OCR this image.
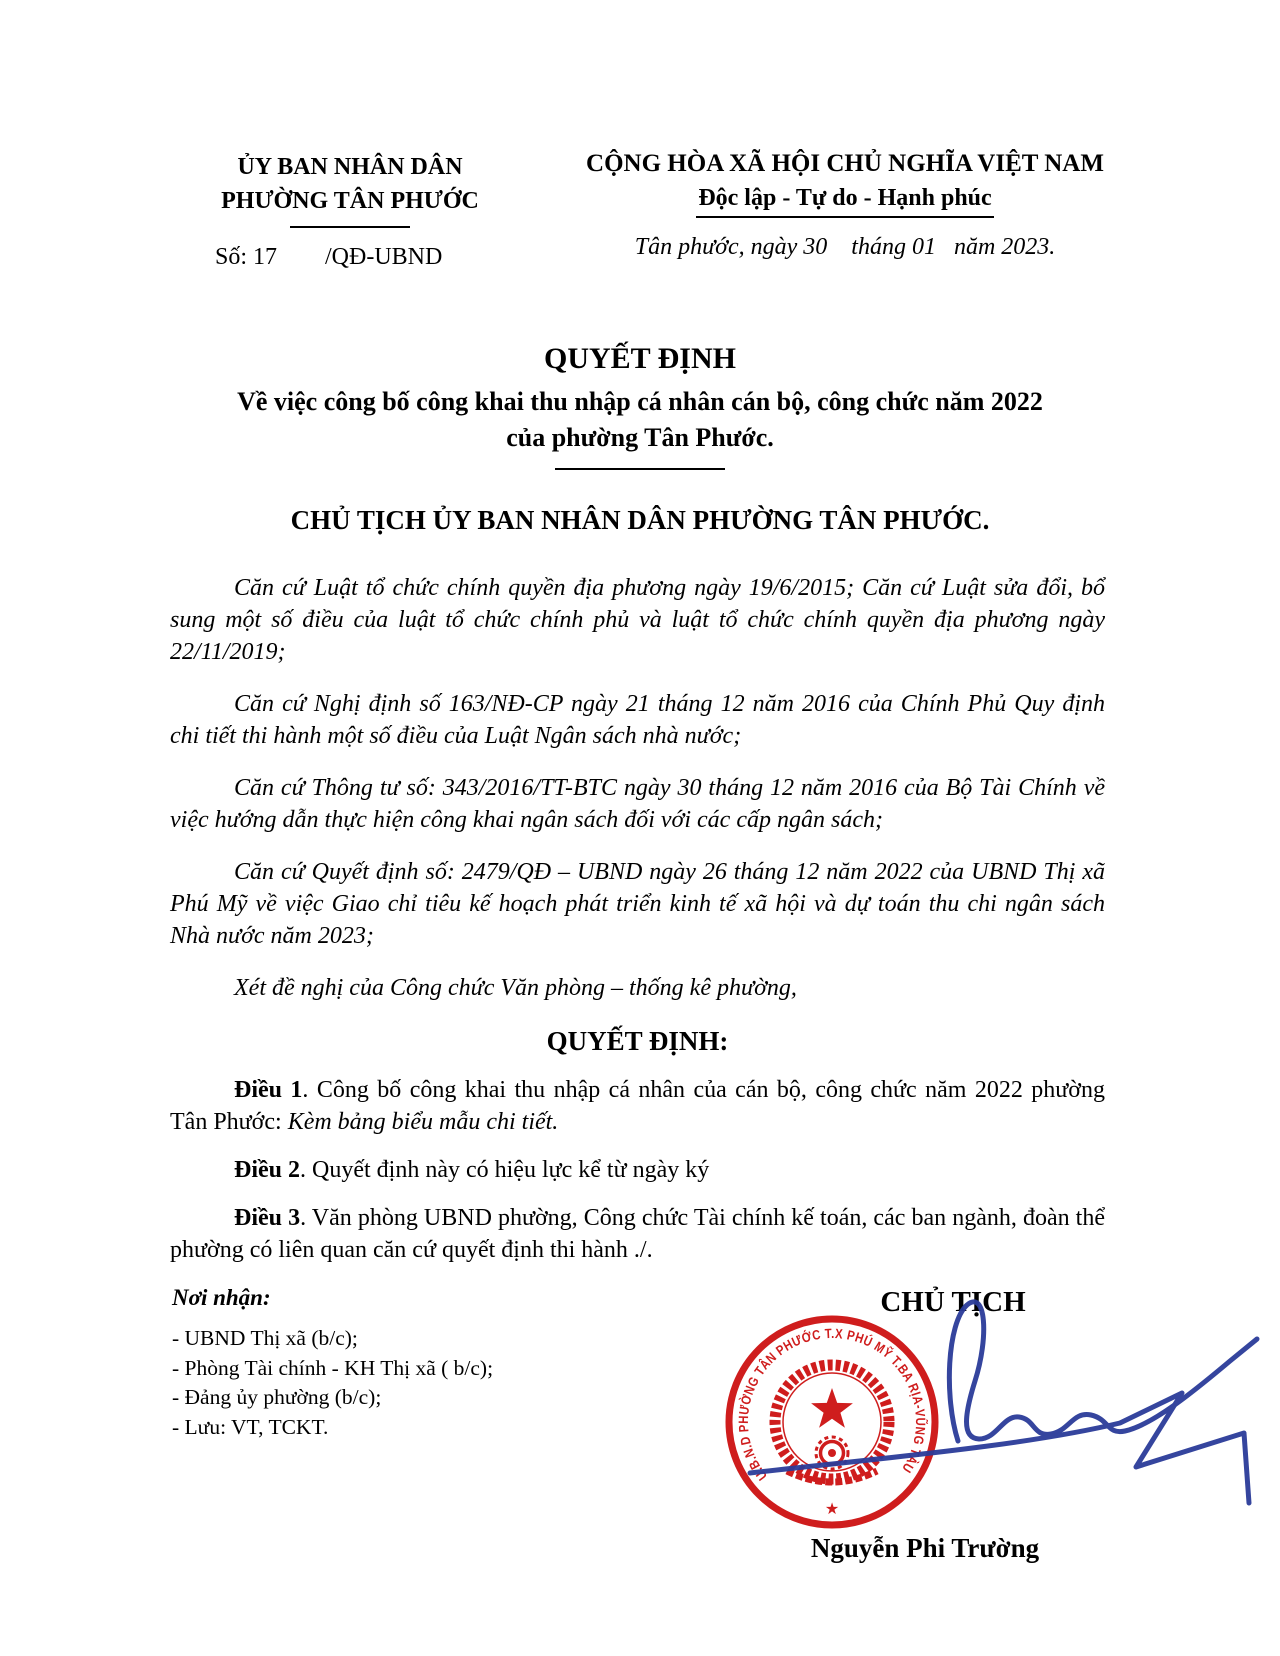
ỦY BAN NHÂN DÂN
PHƯỜNG TÂN PHƯỚC
Số: 17        /QĐ-UBND
CỘNG HÒA XÃ HỘI CHỦ NGHĨA VIỆT NAM
Độc lập - Tự do - Hạnh phúc
Tân phước, ngày 30    tháng 01   năm 2023.
QUYẾT ĐỊNH
Về việc công bố công khai thu nhập cá nhân cán bộ, công chức năm 2022
của phường Tân Phước.
CHỦ TỊCH ỦY BAN NHÂN DÂN PHƯỜNG TÂN PHƯỚC.

Căn cứ Luật tổ chức chính quyền địa phương ngày 19/6/2015; Căn cứ Luật sửa đổi, bổ sung một số điều của luật tổ chức chính phủ và luật tổ chức chính quyền địa phương ngày 22/11/2019;

Căn cứ Nghị định số 163/NĐ-CP ngày 21 tháng 12 năm 2016 của Chính Phủ Quy định chi tiết thi hành một số điều của Luật Ngân sách nhà nước;

Căn cứ Thông tư số: 343/2016/TT-BTC ngày 30 tháng 12 năm 2016 của Bộ Tài Chính về việc hướng dẫn thực hiện công khai ngân sách đối với các cấp ngân sách;

Căn cứ Quyết định số: 2479/QĐ – UBND ngày 26 tháng 12 năm 2022 của UBND Thị xã Phú Mỹ về việc Giao chỉ tiêu kế hoạch phát triển kinh tế xã hội và dự toán thu chi ngân sách Nhà nước năm 2023;

Xét đề nghị của Công chức Văn phòng – thống kê phường,

QUYẾT ĐỊNH:

Điều 1. Công bố công khai thu nhập cá nhân của cán bộ, công chức năm 2022 phường Tân Phước: Kèm bảng biểu mẫu chi tiết.

Điều 2. Quyết định này có hiệu lực kể từ ngày ký

Điều 3. Văn phòng UBND phường, Công chức Tài chính kế toán, các ban ngành, đoàn thể phường có liên quan căn cứ quyết định thi hành ./.

Nơi nhận:
- UBND Thị xã (b/c);
- Phòng Tài chính - KH Thị xã ( b/c);
- Đảng ủy phường (b/c);
- Lưu: VT, TCKT.
CHỦ TỊCH
U.B.N.D PHƯỜNG TÂN PHƯỚC T.X PHÚ MỸ T.BA RỊA-VŨNG TÀU
★
Nguyễn Phi Trường
